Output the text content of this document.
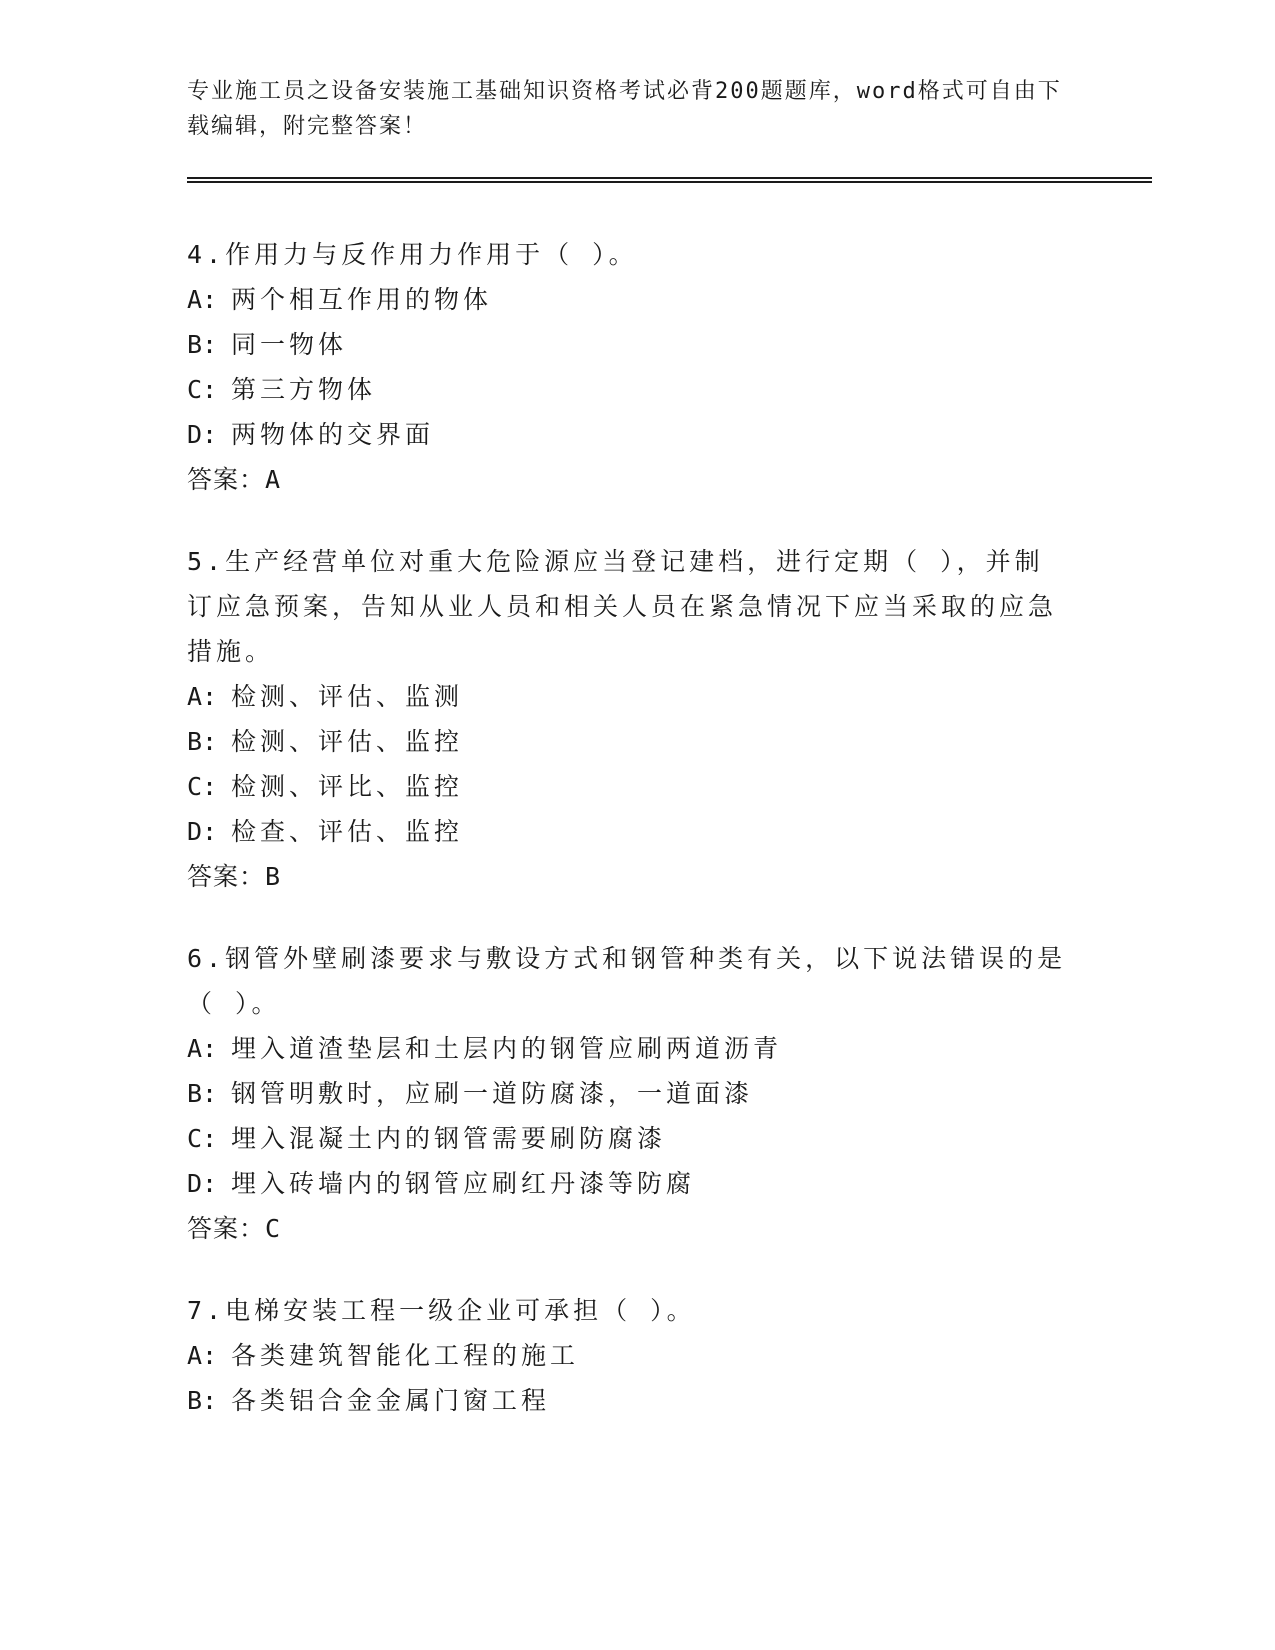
专业施工员之设备安装施工基础知识资格考试必背200题题库，word格式可自由下载编辑，附完整答案！

4.作用力与反作用力作用于（ ）。

A: 两个相互作用的物体

B: 同一物体

C: 第三方物体

D: 两物体的交界面

答案：A

5.生产经营单位对重大危险源应当登记建档，进行定期（ ），并制订应急预案，告知从业人员和相关人员在紧急情况下应当采取的应急措施。

A: 检测、评估、监测

B: 检测、评估、监控

C: 检测、评比、监控

D: 检查、评估、监控

答案：B

6.钢管外壁刷漆要求与敷设方式和钢管种类有关，以下说法错误的是（ ）。

A: 埋入道渣垫层和土层内的钢管应刷两道沥青

B: 钢管明敷时，应刷一道防腐漆，一道面漆

C: 埋入混凝土内的钢管需要刷防腐漆

D: 埋入砖墙内的钢管应刷红丹漆等防腐

答案：C

7.电梯安装工程一级企业可承担（ ）。

A: 各类建筑智能化工程的施工

B: 各类铝合金金属门窗工程
